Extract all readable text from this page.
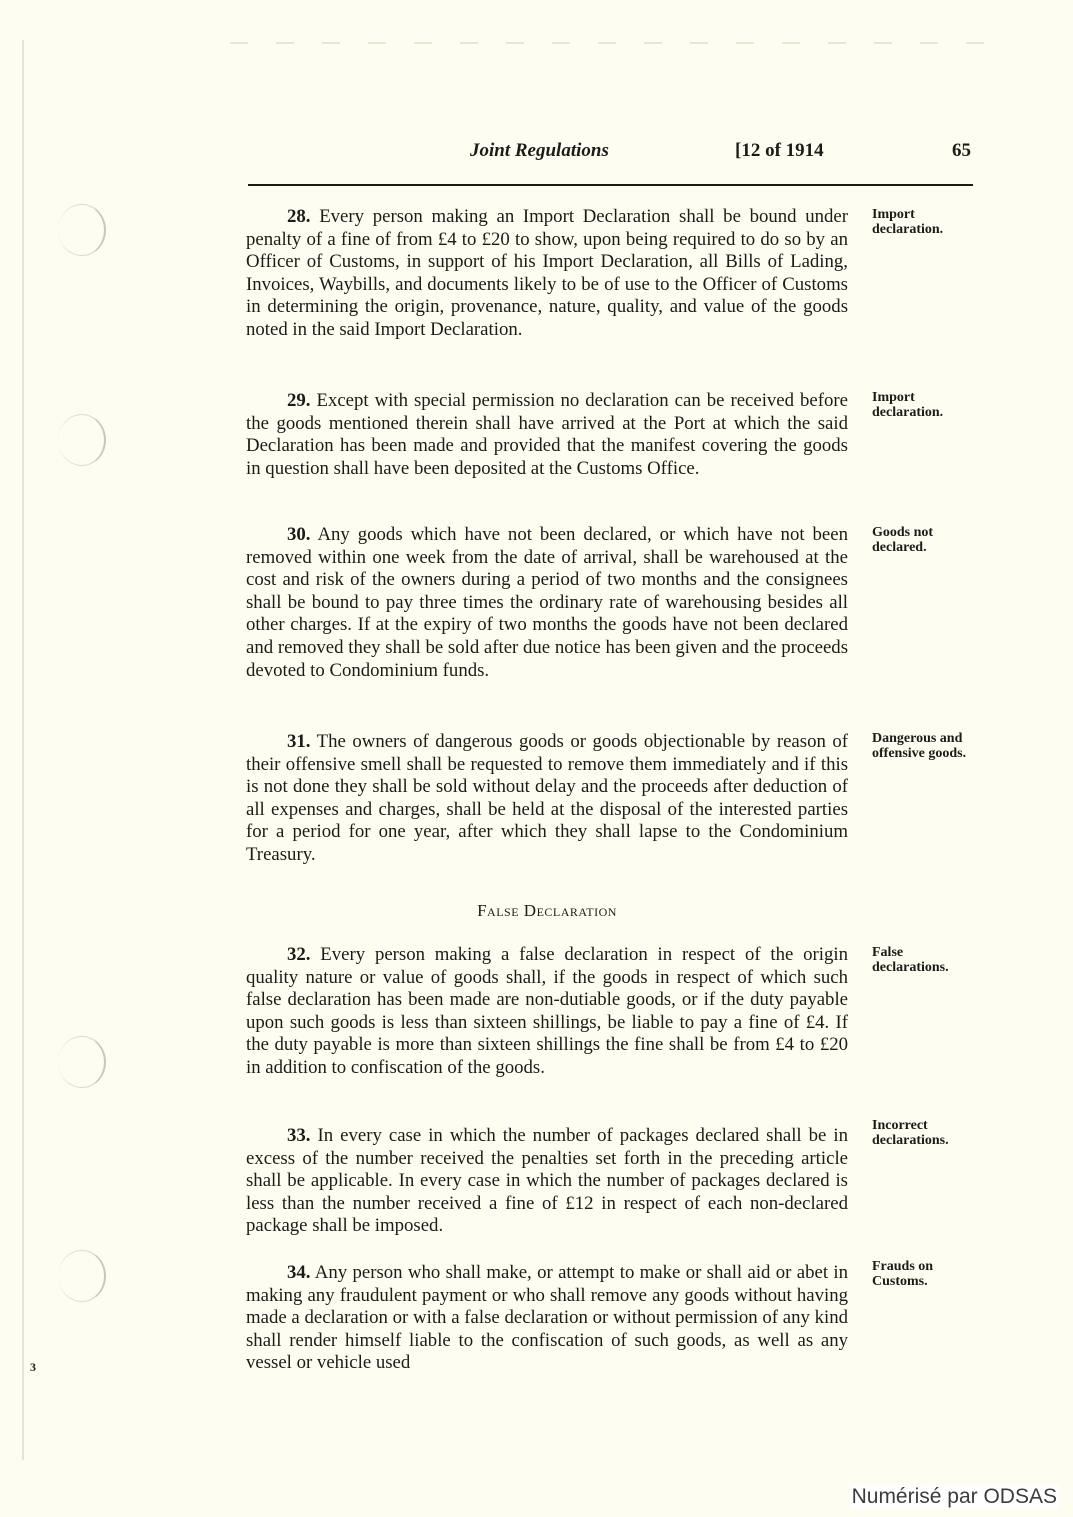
Joint Regulations	[12 of 1914	65

28. Every person making an Import Declaration shall be bound under penalty of a fine of from £4 to £20 to show, upon being required to do so by an Officer of Customs, in support of his Import Declaration, all Bills of Lading, Invoices, Waybills, and documents likely to be of use to the Officer of Customs in determining the origin, provenance, nature, quality, and value of the goods noted in the said Import Declaration.

Import declaration.

29. Except with special permission no declaration can be received before the goods mentioned therein shall have arrived at the Port at which the said Declaration has been made and provided that the manifest covering the goods in question shall have been deposited at the Customs Office.

Import declaration.

30. Any goods which have not been declared, or which have not been removed within one week from the date of arrival, shall be warehoused at the cost and risk of the owners during a period of two months and the consignees shall be bound to pay three times the ordinary rate of warehousing besides all other charges. If at the expiry of two months the goods have not been declared and removed they shall be sold after due notice has been given and the proceeds devoted to Condominium funds.

Goods not declared.

31. The owners of dangerous goods or goods objectionable by reason of their offensive smell shall be requested to remove them immediately and if this is not done they shall be sold without delay and the proceeds after deduction of all expenses and charges, shall be held at the disposal of the interested parties for a period for one year, after which they shall lapse to the Condominium Treasury.

Dangerous and offensive goods.
False Declaration

32. Every person making a false declaration in respect of the origin quality nature or value of goods shall, if the goods in respect of which such false declaration has been made are non-dutiable goods, or if the duty payable upon such goods is less than sixteen shillings, be liable to pay a fine of £4. If the duty payable is more than sixteen shillings the fine shall be from £4 to £20 in addition to confiscation of the goods.

False declarations.

33. In every case in which the number of packages declared shall be in excess of the number received the penalties set forth in the preceding article shall be applicable. In every case in which the number of packages declared is less than the number received a fine of £12 in respect of each non-declared package shall be imposed.

Incorrect declarations.

34. Any person who shall make, or attempt to make or shall aid or abet in making any fraudulent payment or who shall remove any goods without having made a declaration or with a false declaration or without permission of any kind shall render himself liable to the confiscation of such goods, as well as any vessel or vehicle used

Frauds on Customs.
3
Numérisé par ODSAS
